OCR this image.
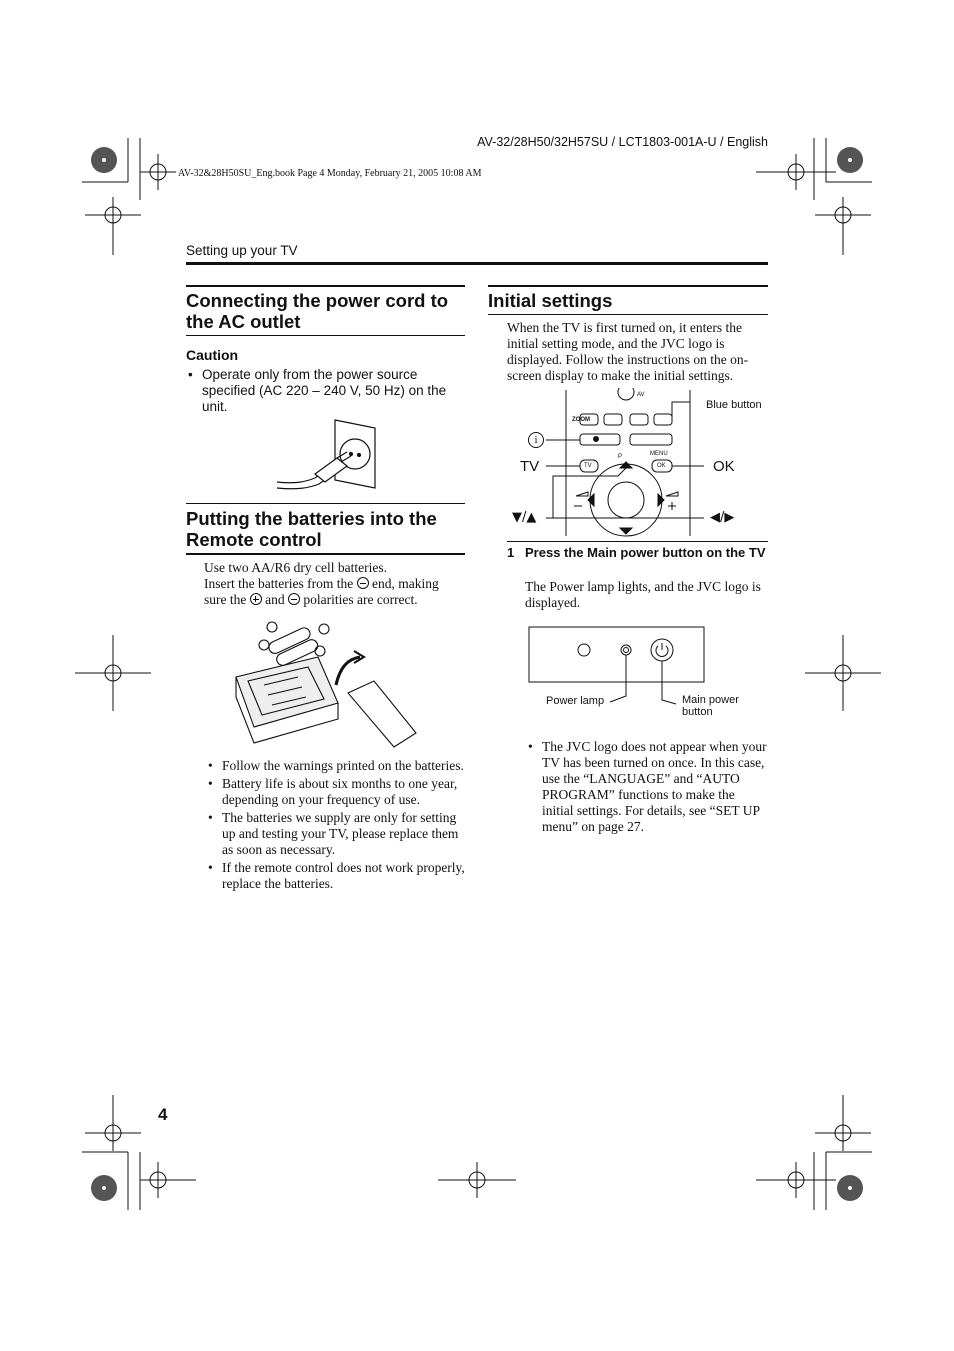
AV-32/28H50/32H57SU / LCT1803-001A-U / English
AV-32&28H50SU_Eng.book Page 4 Monday, February 21, 2005 10:08 AM
Setting up your TV
Connecting the power cord to the AC outlet
Caution
• Operate only from the power source specified (AC 220 – 240 V, 50 Hz) on the unit.
Putting the batteries into the Remote control
Use two AA/R6 dry cell batteries.
Insert the batteries from the end, making
sure the and polarities are correct.
• Follow the warnings printed on the batteries.
• Battery life is about six months to one year, depending on your frequency of use.
• The batteries we supply are only for setting up and testing your TV, please replace them as soon as necessary.
• If the remote control does not work properly, replace the batteries.
Initial settings
When the TV is first turned on, it enters the initial setting mode, and the JVC logo is displayed. Follow the instructions on the on-screen display to make the initial settings.
ZOOM
AV
MENU
OK
TV
P
Blue button
i
TV	OK
▼/▲	◀/▶
1 Press the Main power button on the TV
The Power lamp lights, and the JVC logo is displayed.
Power lamp	Main power button
• The JVC logo does not appear when your TV has been turned on once. In this case, use the “LANGUAGE” and “AUTO PROGRAM” functions to make the initial settings. For details, see “SET UP menu” on page 27.
4
